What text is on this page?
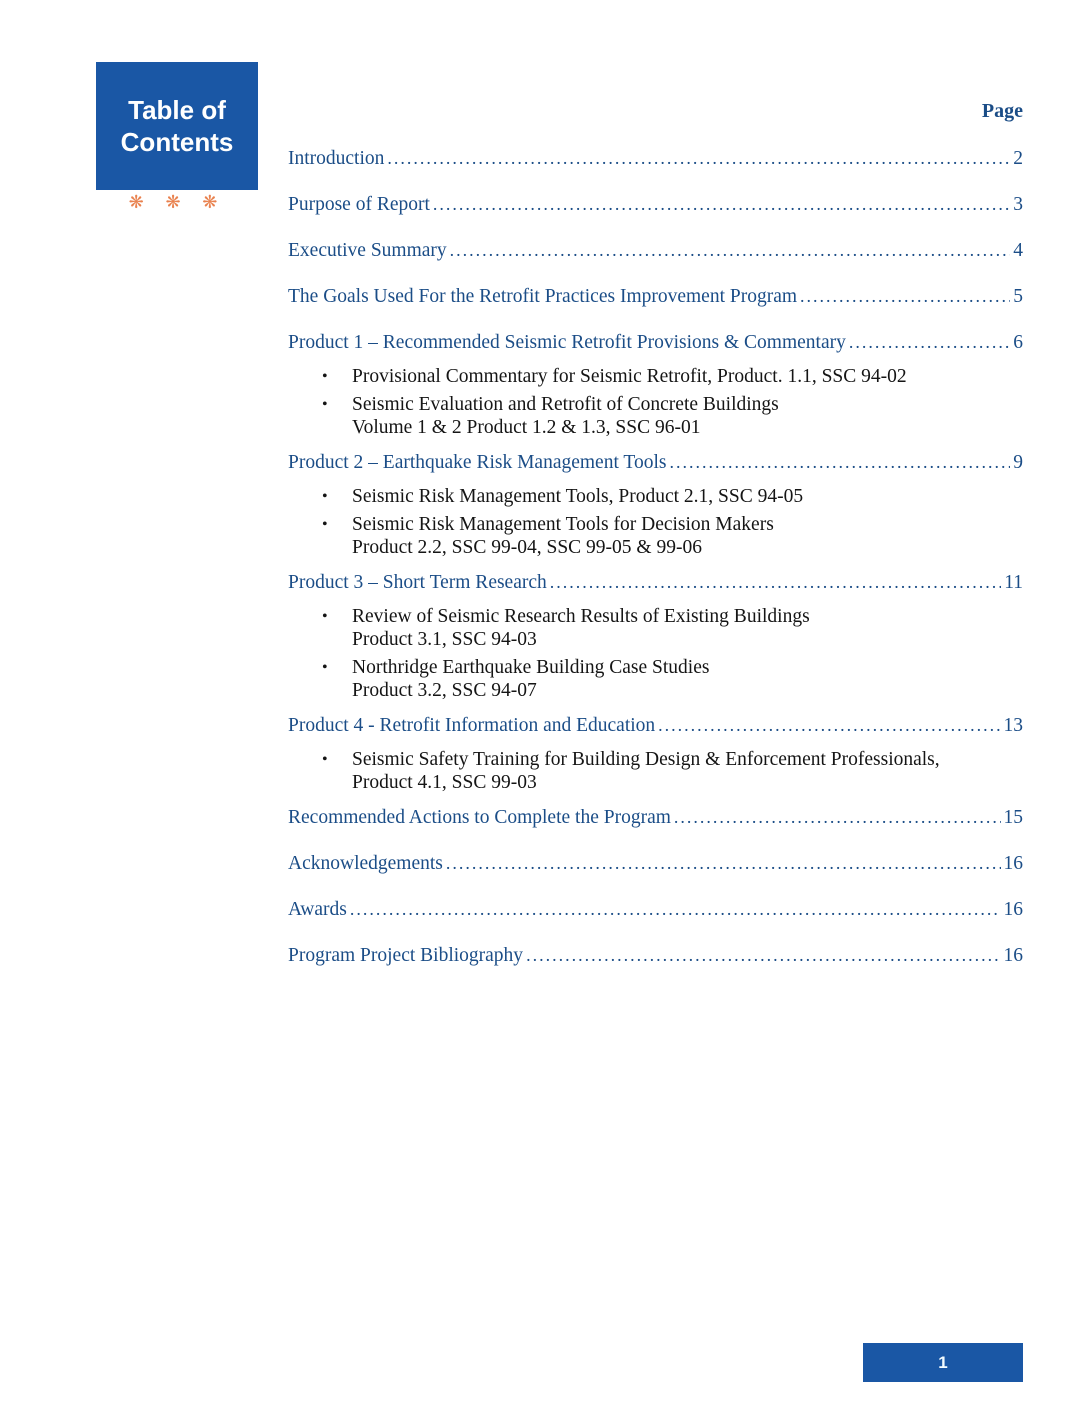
Table of
Contents
❋ ❋ ❋
Page
Introduction .....	2
Purpose of Report .....	3
Executive Summary .....	4
The Goals Used For the Retrofit Practices Improvement Program .....	5
Product 1 – Recommended Seismic Retrofit Provisions & Commentary .....	6
•	Provisional Commentary for Seismic Retrofit, Product. 1.1, SSC 94-02
•	Seismic Evaluation and Retrofit of Concrete Buildings
Volume 1 & 2 Product 1.2 & 1.3, SSC 96-01
Product 2 – Earthquake Risk Management Tools .....	9
•	Seismic Risk Management Tools, Product 2.1, SSC 94-05
•	Seismic Risk Management Tools for Decision Makers
Product 2.2, SSC 99-04, SSC 99-05 & 99-06
Product 3 – Short Term Research .....	11
•	Review of Seismic Research Results of Existing Buildings
Product 3.1, SSC 94-03
•	Northridge Earthquake Building Case Studies
Product 3.2, SSC 94-07
Product 4 - Retrofit Information and Education .....	13
•	Seismic Safety Training for Building Design & Enforcement Professionals,
Product 4.1, SSC 99-03
Recommended Actions to Complete the Program .....	15
Acknowledgements .....	16
Awards .....	16
Program Project Bibliography .....	16
1
